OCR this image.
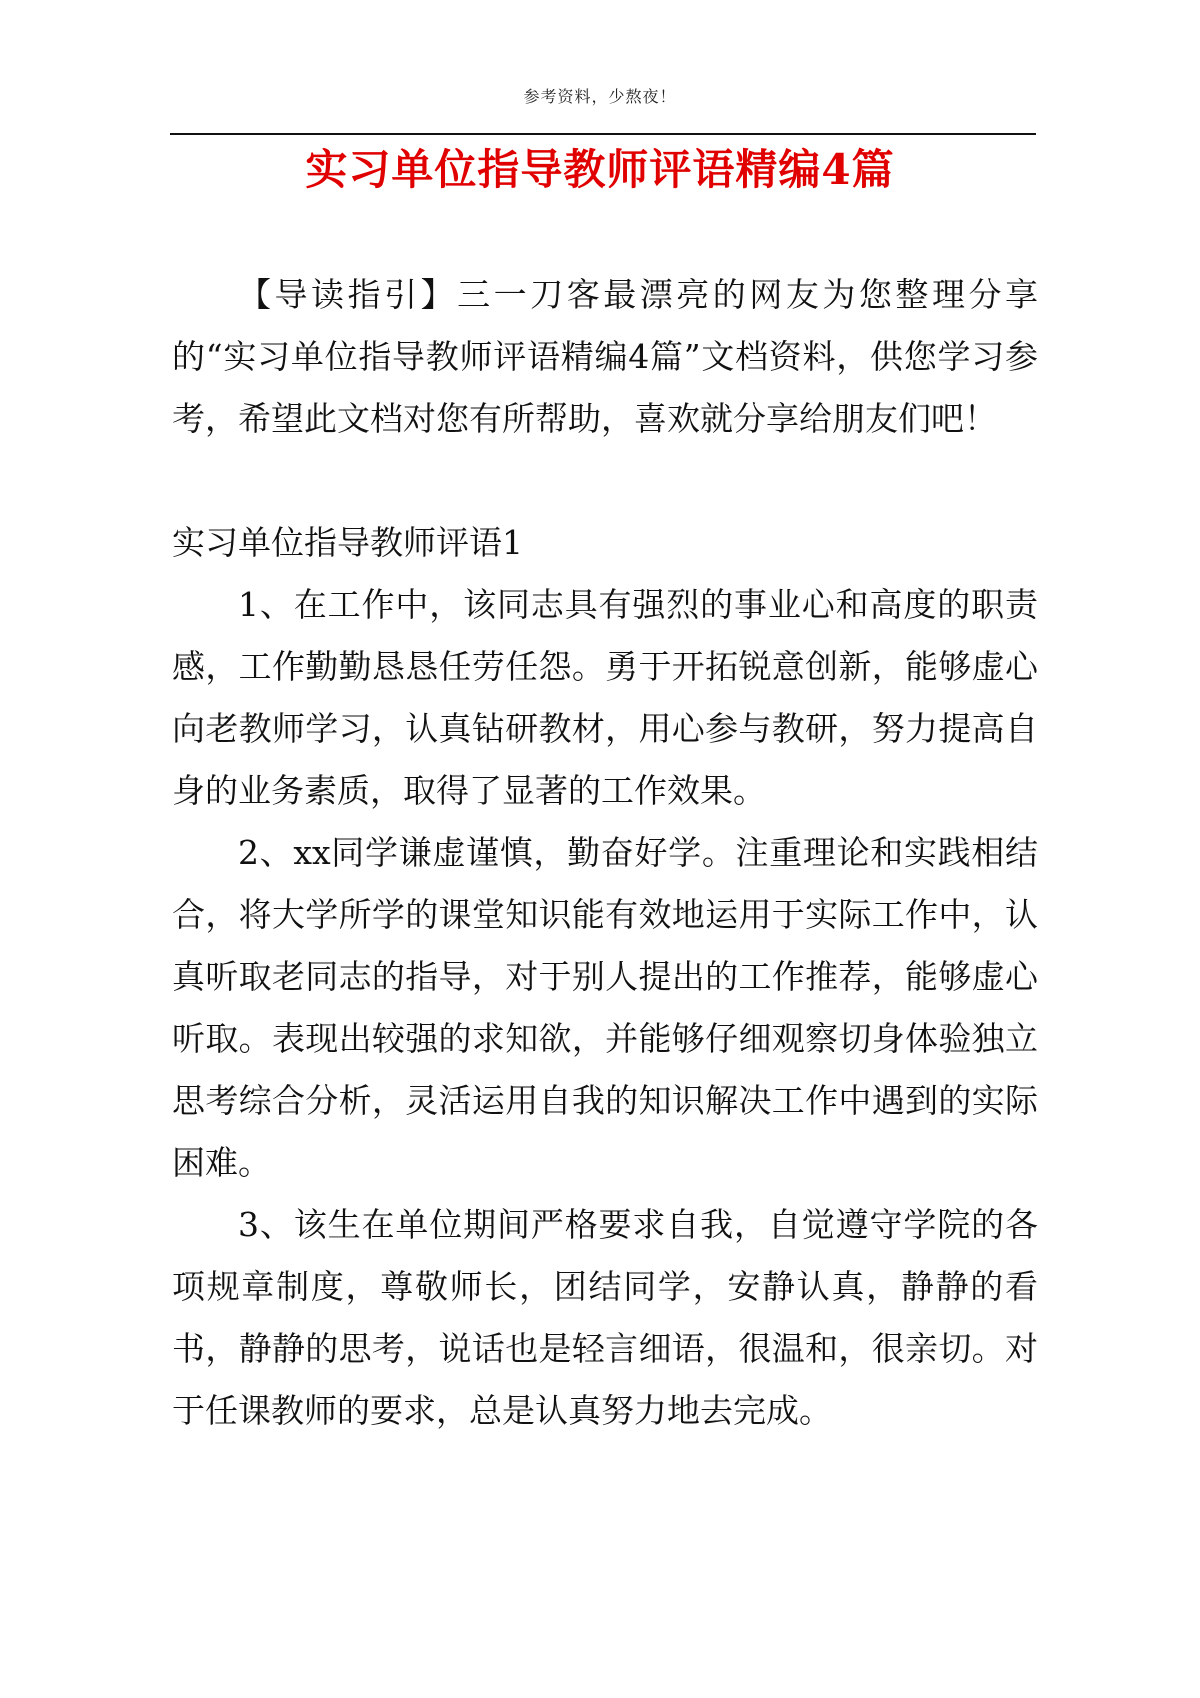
参考资料，少熬夜！
实习单位指导教师评语精编4篇

【导读指引】三一刀客最漂亮的网友为您整理分享的“实习单位指导教师评语精编4篇”文档资料，供您学习参考，希望此文档对您有所帮助，喜欢就分享给朋友们吧！

实习单位指导教师评语1

1、在工作中，该同志具有强烈的事业心和高度的职责感，工作勤勤恳恳任劳任怨。勇于开拓锐意创新，能够虚心向老教师学习，认真钻研教材，用心参与教研，努力提高自身的业务素质，取得了显著的工作效果。

2、xx同学谦虚谨慎，勤奋好学。注重理论和实践相结合，将大学所学的课堂知识能有效地运用于实际工作中，认真听取老同志的指导，对于别人提出的工作推荐，能够虚心听取。表现出较强的求知欲，并能够仔细观察切身体验独立思考综合分析，灵活运用自我的知识解决工作中遇到的实际困难。

3、该生在单位期间严格要求自我，自觉遵守学院的各项规章制度，尊敬师长，团结同学，安静认真，静静的看书，静静的思考，说话也是轻言细语，很温和，很亲切。对于任课教师的要求，总是认真努力地去完成。
